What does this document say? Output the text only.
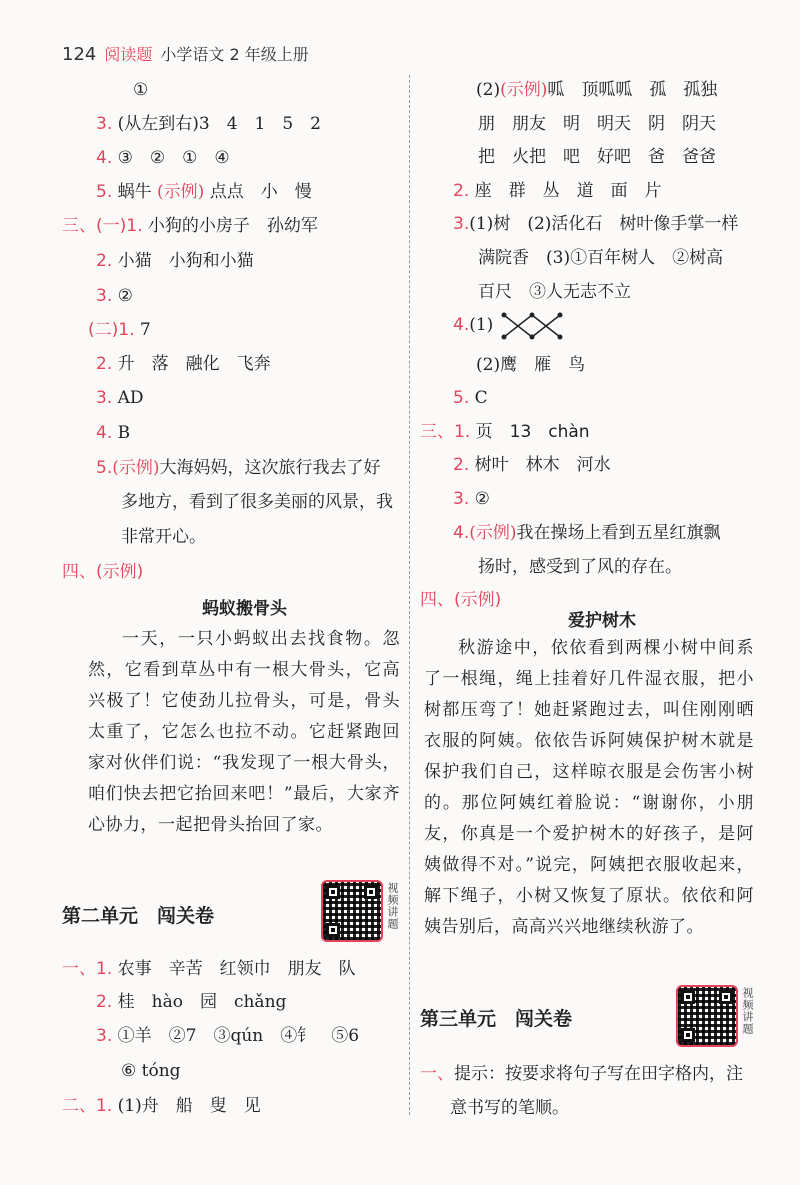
124 阅读题 小学语文 2 年级上册
①
3. (从左到右)3　4　1　5　2
4. ③　②　①　④
5. 蜗牛 (示例) 点点　小　慢
三、(一)1. 小狗的小房子　孙幼军
2. 小猫　小狗和小猫
3. ②
(二)1. 7
2. 升　落　融化　飞奔
3. AD
4. B
5.(示例)大海妈妈，这次旅行我去了好
多地方，看到了很多美丽的风景，我
非常开心。
四、(示例)
蚂蚁搬骨头
一天，一只小蚂蚁出去找食物。忽然，它看到草丛中有一根大骨头，它高兴极了！它使劲儿拉骨头，可是，骨头太重了，它怎么也拉不动。它赶紧跑回家对伙伴们说：“我发现了一根大骨头，咱们快去把它抬回来吧！”最后，大家齐心协力，一起把骨头抬回了家。
第二单元　闯关卷	视频讲题
一、1. 农事　辛苦　红领巾　朋友　队
2. 桂　hào　园　chǎng
3. ①羊　②7　③qún　④钅　⑤6
⑥ tóng
二、1. (1)舟　船　叟　见
(2)(示例)呱　顶呱呱　孤　孤独
朋　朋友　明　明天　阴　阴天
把　火把　吧　好吧　爸　爸爸
2. 座　群　丛　道　面　片
3.(1)树　(2)活化石　树叶像手掌一样
满院香　(3)①百年树人　②树高
百尺　③人无志不立
4.(1)
(2)鹰　雁　鸟
5. C
三、1. 页　13　chàn
2. 树叶　林木　河水
3. ②
4.(示例)我在操场上看到五星红旗飘
扬时，感受到了风的存在。
四、(示例)
爱护树木
秋游途中，依依看到两棵小树中间系了一根绳，绳上挂着好几件湿衣服，把小树都压弯了！她赶紧跑过去，叫住刚刚晒衣服的阿姨。依依告诉阿姨保护树木就是保护我们自己，这样晾衣服是会伤害小树的。那位阿姨红着脸说：“谢谢你，小朋友，你真是一个爱护树木的好孩子，是阿姨做得不对。”说完，阿姨把衣服收起来，解下绳子，小树又恢复了原状。依依和阿姨告别后，高高兴兴地继续秋游了。
第三单元　闯关卷	视频讲题
一、提示：按要求将句子写在田字格内，注
意书写的笔顺。
